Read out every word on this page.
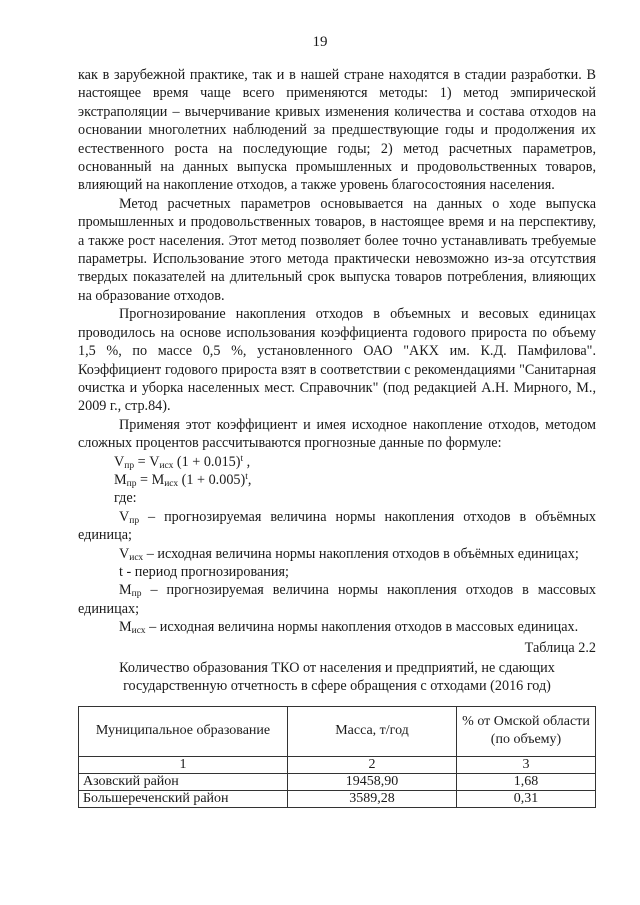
19

как в зарубежной практике, так и в нашей стране находятся в стадии разработки. В настоящее время чаще всего применяются методы: 1) метод эмпирической экстраполяции – вычерчивание кривых изменения количества и состава отходов на основании многолетних наблюдений за предшествующие годы и продолжения их естественного роста на последующие годы; 2) метод расчетных параметров, основанный на данных выпуска промышленных и продовольственных товаров, влияющий на накопление отходов, а также уровень благосостояния населения.

Метод расчетных параметров основывается на данных о ходе выпуска промышленных и продовольственных товаров, в настоящее время и на перспективу, а также рост населения. Этот метод позволяет более точно устанавливать требуемые параметры. Использование этого метода практически невозможно из-за отсутствия твердых показателей на длительный срок выпуска товаров потребления, влияющих на образование отходов.

Прогнозирование накопления отходов в объемных и весовых единицах проводилось на основе использования коэффициента годового прироста по объему 1,5 %, по массе 0,5 %, установленного ОАО "АКХ им. К.Д. Памфилова". Коэффициент годового прироста взят в соответствии с рекомендациями "Санитарная очистка и уборка населенных мест. Справочник" (под редакцией А.Н. Мирного, М., 2009 г., стр.84).

Применяя этот коэффициент и имея исходное накопление отходов, методом сложных процентов рассчитываются прогнозные данные по формуле:

$V_{пр} = V_{исх}$ $(1 + 0.015)^t$ ,

$M_{пр} = M_{исх}$ $(1 + 0.005)^t$,

где:

$V_{пр}$ – прогнозируемая величина нормы накопления отходов в объёмных единица;

$V_{исх}$ – исходная величина нормы накопления отходов в объёмных единицах;

t - период прогнозирования;

$M_{пр}$ – прогнозируемая величина нормы накопления отходов в массовых единицах;

$M_{исх}$ – исходная величина нормы накопления отходов в массовых единицах.

Таблица 2.2

Количество образования ТКО от населения и предприятий, не сдающих государственную отчетность в сфере обращения с отходами (2016 год)

Муниципальное образование	Масса, т/год	% от Омской области (по объему)
1	2	3
Азовский район	19458,90	1,68
Большереченский район	3589,28	0,31
